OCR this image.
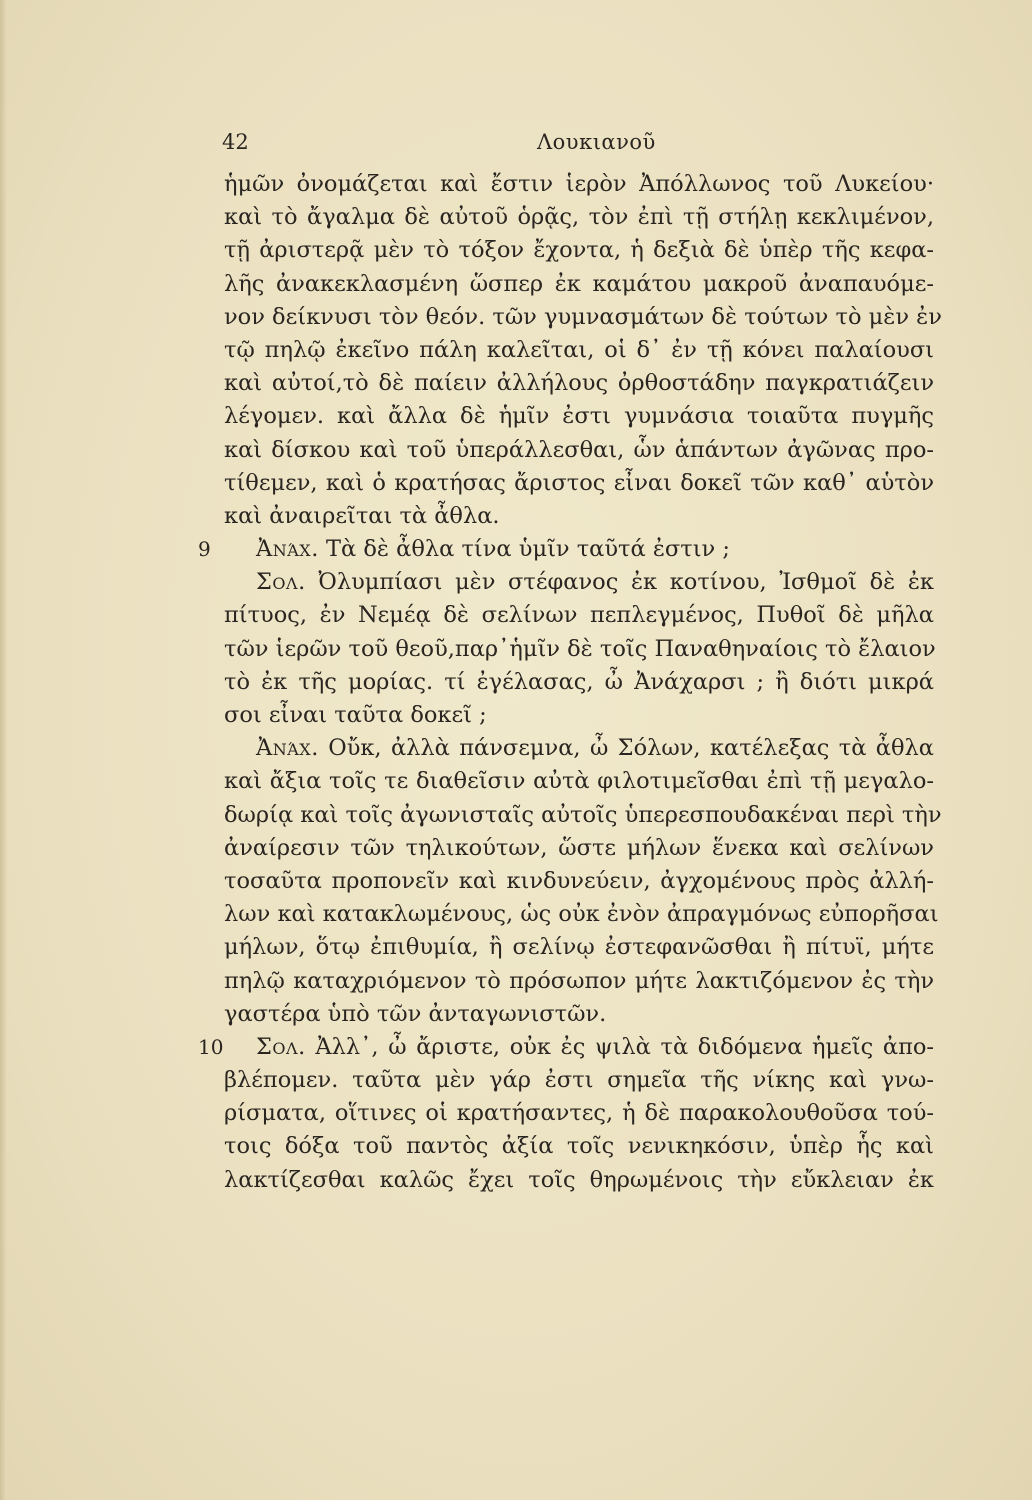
42	Λουκιανοῦ
ἡμῶν ὀνομάζεται καὶ ἔστιν ἱερὸν Ἀπόλλωνος τοῦ Λυκείου·
καὶ τὸ ἄγαλμα δὲ αὐτοῦ ὁρᾷς, τὸν ἐπὶ τῇ στήλῃ κεκλιμένον,
τῇ ἀριστερᾷ μὲν τὸ τόξον ἔχοντα, ἡ δεξιὰ δὲ ὑπὲρ τῆς κεφα-
λῆς ἀνακεκλασμένη ὥσπερ ἐκ καμάτου μακροῦ ἀναπαυόμε-
νον δείκνυσι τὸν θεόν. τῶν γυμνασμάτων δὲ τούτων τὸ μὲν ἐν
τῷ πηλῷ ἐκεῖνο πάλη καλεῖται, οἱ δ᾽ ἐν τῇ κόνει παλαίουσι
καὶ αὐτοί,τὸ δὲ παίειν ἀλλήλους ὀρθοστάδην παγκρατιάζειν
λέγομεν. καὶ ἄλλα δὲ ἡμῖν ἐστι γυμνάσια τοιαῦτα πυγμῆς
καὶ δίσκου καὶ τοῦ ὑπεράλλεσθαι, ὧν ἁπάντων ἀγῶνας προ-
τίθεμεν, καὶ ὁ κρατήσας ἄριστος εἶναι δοκεῖ τῶν καθ᾽ αὑτὸν
καὶ ἀναιρεῖται τὰ ἆθλα.
9 Ἀνάχ. Τὰ δὲ ἆθλα τίνα ὑμῖν ταῦτά ἐστιν ;
Σολ. Ὀλυμπίασι μὲν στέφανος ἐκ κοτίνου, Ἰσθμοῖ δὲ ἐκ
πίτυος, ἐν Νεμέᾳ δὲ σελίνων πεπλεγμένος, Πυθοῖ δὲ μῆλα
τῶν ἱερῶν τοῦ θεοῦ,παρ᾽ἡμῖν δὲ τοῖς Παναθηναίοις τὸ ἔλαιον
τὸ ἐκ τῆς μορίας. τί ἐγέλασας, ὦ Ἀνάχαρσι ; ἢ διότι μικρά
σοι εἶναι ταῦτα δοκεῖ ;
Ἀνάχ. Οὔκ, ἀλλὰ πάνσεμνα, ὦ Σόλων, κατέλεξας τὰ ἆθλα
καὶ ἄξια τοῖς τε διαθεῖσιν αὐτὰ φιλοτιμεῖσθαι ἐπὶ τῇ μεγαλο-
δωρίᾳ καὶ τοῖς ἀγωνισταῖς αὐτοῖς ὑπερεσπουδακέναι περὶ τὴν
ἀναίρεσιν τῶν τηλικούτων, ὥστε μήλων ἕνεκα καὶ σελίνων
τοσαῦτα προπονεῖν καὶ κινδυνεύειν, ἀγχομένους πρὸς ἀλλή-
λων καὶ κατακλωμένους, ὡς οὐκ ἐνὸν ἀπραγμόνως εὐπορῆσαι
μήλων, ὅτῳ ἐπιθυμία, ἢ σελίνῳ ἐστεφανῶσθαι ἢ πίτυϊ, μήτε
πηλῷ καταχριόμενον τὸ πρόσωπον μήτε λακτιζόμενον ἐς τὴν
γαστέρα ὑπὸ τῶν ἀνταγωνιστῶν.
10 Σολ. Ἀλλ᾽, ὦ ἄριστε, οὐκ ἐς ψιλὰ τὰ διδόμενα ἡμεῖς ἀπο-
βλέπομεν. ταῦτα μὲν γάρ ἐστι σημεῖα τῆς νίκης καὶ γνω-
ρίσματα, οἵτινες οἱ κρατήσαντες, ἡ δὲ παρακολουθοῦσα τού-
τοις δόξα τοῦ παντὸς ἀξία τοῖς νενικηκόσιν, ὑπὲρ ἧς καὶ
λακτίζεσθαι καλῶς ἔχει τοῖς θηρωμένοις τὴν εὔκλειαν ἐκ
